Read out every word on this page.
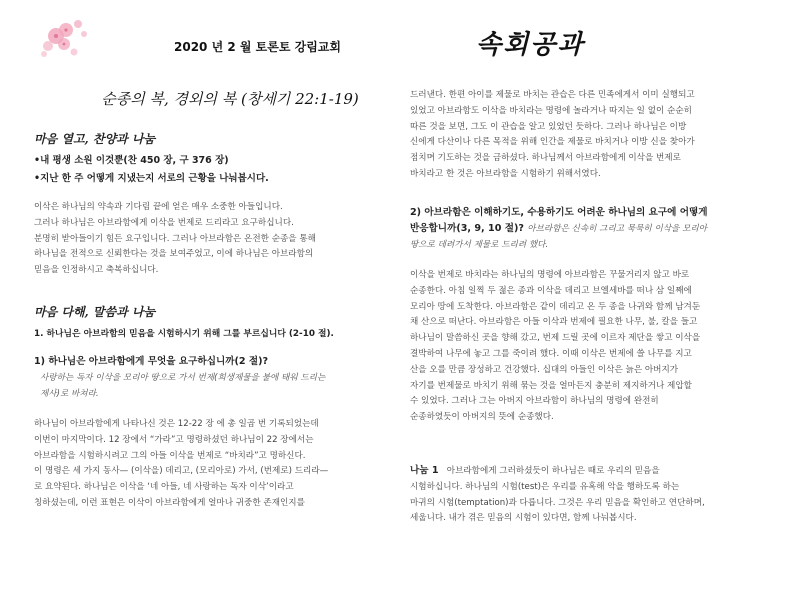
2020 년 2 월 토론토 강림교회
순종의 복, 경외의 복 (창세기 22:1-19)
마음 열고, 찬양과 나눔
•내 평생 소원 이것뿐(찬 450 장, 구 376 장)
•지난 한 주 어떻게 지냈는지 서로의 근황을 나눠봅시다.

이삭은 하나님의 약속과 기다림 끝에 얻은 매우 소중한 아들입니다.

그러나 하나님은 아브라함에게 이삭을 번제로 드리라고 요구하십니다.

분명히 받아들이기 힘든 요구입니다. 그러나 아브라함은 온전한 순종을 통해

하나님을 전적으로 신뢰한다는 것을 보여주었고, 이에 하나님은 아브라함의

믿음을 인정하시고 축복하십니다.

마음 다해, 말씀과 나눔
1. 하나님은 아브라함의 믿음을 시험하시기 위해 그를 부르십니다 (2-10 절).
1) 하나님은 아브라함에게 무엇을 요구하십니까(2 절)?

사랑하는 독자 이삭을 모리아 땅으로 가서 번제(희생제물을 불에 태워 드리는

제사)로 바쳐라.

하나님이 아브라함에게 나타나신 것은 12-22 장 에 총 일곱 번 기록되었는데

이번이 마지막이다. 12 장에서 “가라”고 명령하셨던 하나님이 22 장에서는

아브라함을 시험하시려고 그의 아들 이삭을 번제로 “바치라”고 명하신다.

이 명령은 세 가지 동사— (이삭을) 데리고, (모리아로) 가서, (번제로) 드리라—

로 요약된다. 하나님은 이삭을 ‘네 아들, 네 사랑하는 독자 이삭’이라고

칭하셨는데, 이런 표현은 이삭이 아브라함에게 얼마나 귀중한 존재인지를

속회공과

드러낸다. 한편 아이를 제물로 바치는 관습은 다른 민족에게서 이미 실행되고

있었고 아브라함도 이삭을 바치라는 명령에 놀라거나 따지는 일 없이 순순히

따른 것을 보면, 그도 이 관습을 알고 있었던 듯하다. 그러나 하나님은 이방

신에게 다산이나 다른 목적을 위해 인간을 제물로 바치거나 이방 신을 찾아가

점치며 기도하는 것을 금하셨다. 하나님께서 아브라함에게 이삭을 번제로

바치라고 한 것은 아브라함을 시험하기 위해서였다.

2) 아브라함은 이해하기도, 수용하기도 어려운 하나님의 요구에 어떻게
반응합니까(3, 9, 10 절)? 아브라함은 신속히 그리고 묵묵히 이삭을 모리아

땅으로 데려가서 제물로 드리려 했다.

이삭을 번제로 바치라는 하나님의 명령에 아브라함은 꾸물거리지 않고 바로

순종한다. 아침 일찍 두 젊은 종과 이삭을 데리고 브엘세바를 떠나 삼 일째에

모리아 땅에 도착한다. 아브라함은 같이 데리고 온 두 종을 나귀와 함께 남겨둔

채 산으로 떠난다. 아브라함은 아들 이삭과 번제에 필요한 나무, 불, 칼을 들고

하나님이 말씀하신 곳을 향해 갔고, 번제 드릴 곳에 이르자 제단을 쌓고 이삭을

결박하여 나무에 놓고 그를 죽이려 했다. 이때 이삭은 번제에 쓸 나무를 지고

산을 오를 만큼 장성하고 건강했다. 십대의 아들인 이삭은 늙은 아버지가

자기를 번제물로 바치기 위해 묶는 것을 얼마든지 충분히 제지하거나 제압할

수 있었다. 그러나 그는 아버지 아브라함이 하나님의 명령에 완전히

순종하였듯이 아버지의 뜻에 순종했다.

나눔 1 아브라함에게 그러하셨듯이 하나님은 때로 우리의 믿음을

시험하십니다. 하나님의 시험(test)은 우리를 유혹해 악을 행하도록 하는

마귀의 시험(temptation)과 다릅니다. 그것은 우리 믿음을 확인하고 연단하며,

세웁니다. 내가 겪은 믿음의 시험이 있다면, 함께 나눠봅시다.
